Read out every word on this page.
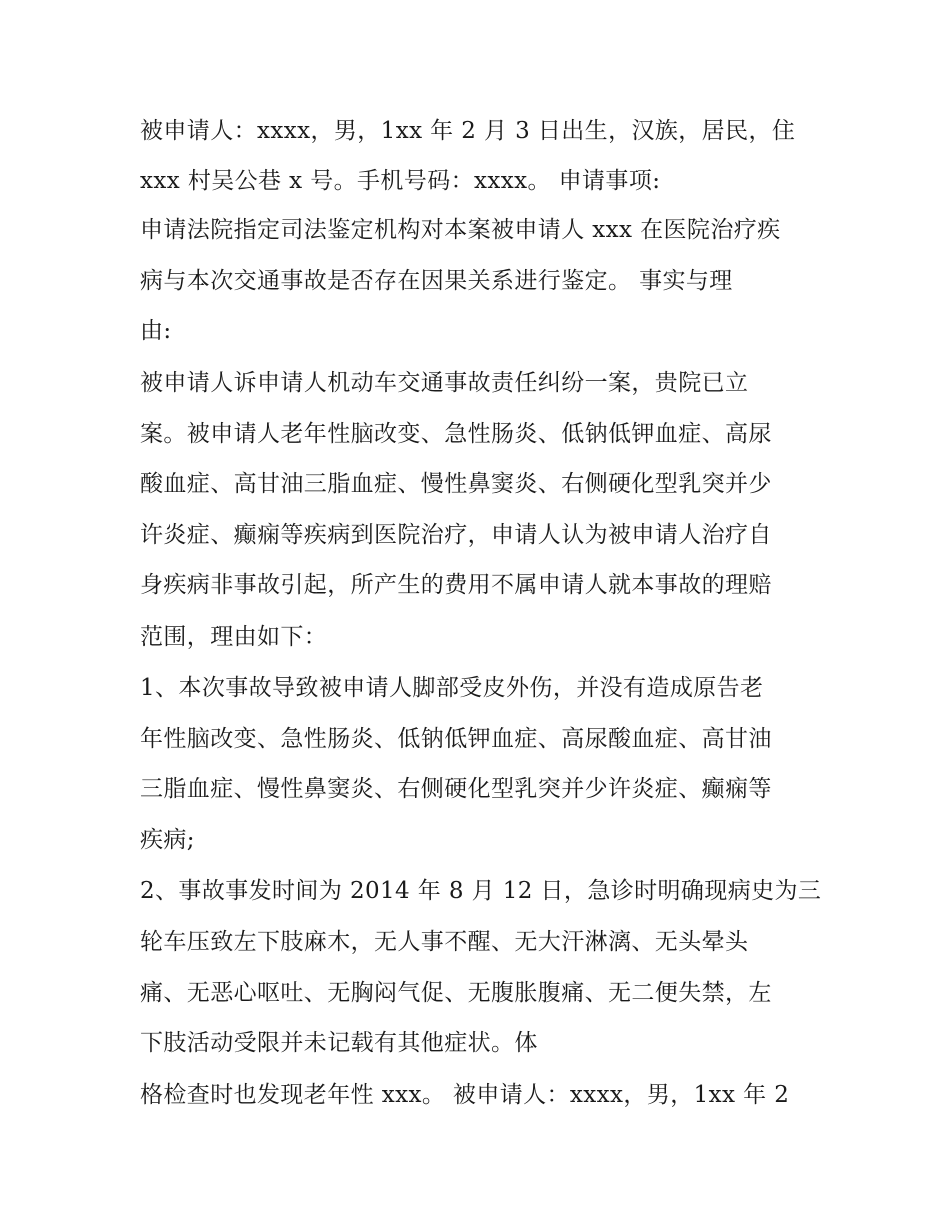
被申请人：xxxx，男，1xx 年 2 月 3 日出生，汉族，居民，住
xxx 村吴公巷 x 号。手机号码：xxxx。 申请事项:
申请法院指定司法鉴定机构对本案被申请人 xxx 在医院治疗疾
病与本次交通事故是否存在因果关系进行鉴定。 事实与理
由:
被申请人诉申请人机动车交通事故责任纠纷一案，贵院已立
案。被申请人老年性脑改变、急性肠炎、低钠低钾血症、高尿
酸血症、高甘油三脂血症、慢性鼻窦炎、右侧硬化型乳突并少
许炎症、癫痫等疾病到医院治疗，申请人认为被申请人治疗自
身疾病非事故引起，所产生的费用不属申请人就本事故的理赔
范围，理由如下：
1、本次事故导致被申请人脚部受皮外伤，并没有造成原告老
年性脑改变、急性肠炎、低钠低钾血症、高尿酸血症、高甘油
三脂血症、慢性鼻窦炎、右侧硬化型乳突并少许炎症、癫痫等
疾病;
2、事故事发时间为 2014 年 8 月 12 日，急诊时明确现病史为三
轮车压致左下肢麻木，无人事不醒、无大汗淋漓、无头晕头
痛、无恶心呕吐、无胸闷气促、无腹胀腹痛、无二便失禁，左
下肢活动受限并未记载有其他症状。体
格检查时也发现老年性 xxx。 被申请人：xxxx，男，1xx 年 2
